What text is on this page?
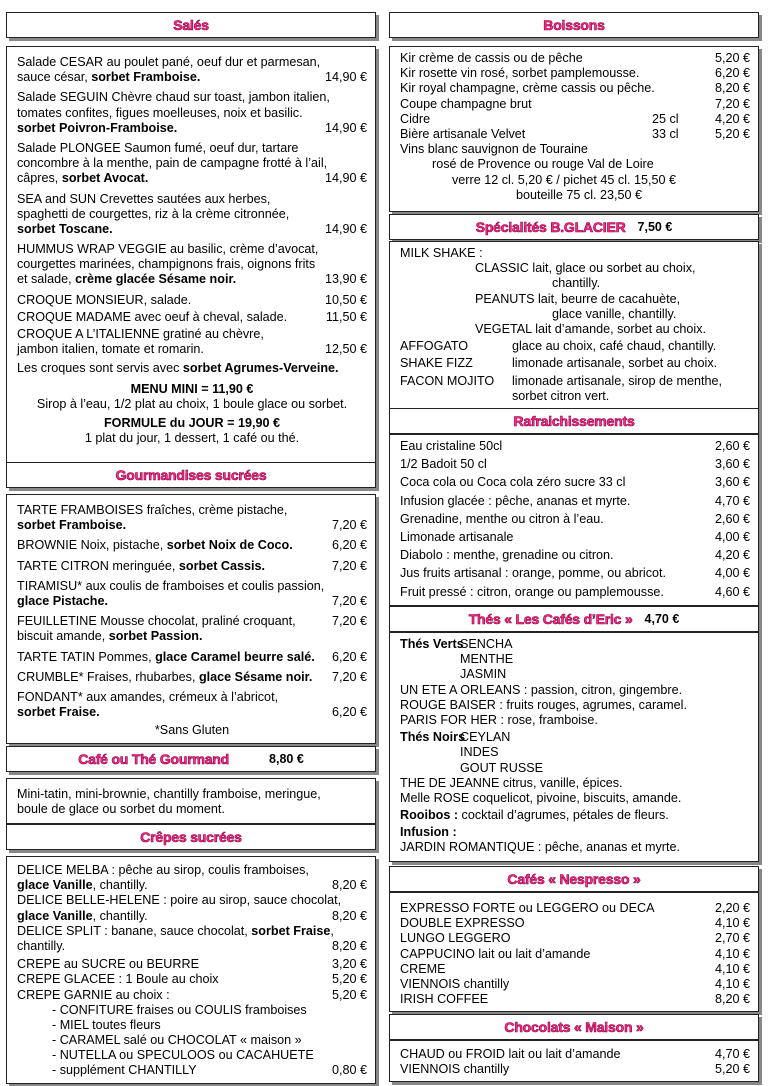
Salés
Salade CESAR au poulet pané, oeuf dur et parmesan,
sauce césar, sorbet Framboise.	14,90 €
Salade SEGUIN Chèvre chaud sur toast, jambon italien,
tomates confites, figues moelleuses, noix et basilic.
sorbet Poivron-Framboise.	14,90 €
Salade PLONGEE Saumon fumé, oeuf dur, tartare
concombre à la menthe, pain de campagne frotté à l’ail,
câpres, sorbet Avocat.	14,90 €
SEA and SUN Crevettes sautées aux herbes,
spaghetti de courgettes, riz à la crème citronnée,
sorbet Toscane.	14,90 €
HUMMUS WRAP VEGGIE au basilic, crème d’avocat,
courgettes marinées, champignons frais, oignons frits
et salade, crème glacée Sésame noir.	13,90 €
CROQUE MONSIEUR, salade.	10,50 €
CROQUE MADAME avec oeuf à cheval, salade.	11,50 €
CROQUE A L’ITALIENNE gratiné au chèvre,
jambon italien, tomate et romarin.	12,50 €
Les croques sont servis avec sorbet Agrumes-Verveine.
MENU MINI = 11,90 €
Sirop à l’eau, 1/2 plat au choix, 1 boule glace ou sorbet.
FORMULE du JOUR = 19,90 €
1 plat du jour, 1 dessert, 1 café ou thé.
Gourmandises sucrées
TARTE FRAMBOISES fraîches, crème pistache,
sorbet Framboise.	7,20 €
BROWNIE Noix, pistache, sorbet Noix de Coco.	6,20 €
TARTE CITRON meringuée, sorbet Cassis.	7,20 €
TIRAMISU* aux coulis de framboises et coulis passion,
glace Pistache.	7,20 €
FEUILLETINE Mousse chocolat, praliné croquant,	7,20 €
biscuit amande, sorbet Passion.
TARTE TATIN Pommes, glace Caramel beurre salé. 6,20 €
CRUMBLE* Fraises, rhubarbes, glace Sésame noir. 7,20 €
FONDANT* aux amandes, crémeux à l’abricot,
sorbet Fraise.	6,20 €
*Sans Gluten
Café ou Thé Gourmand	8,80 €
Mini-tatin, mini-brownie, chantilly framboise, meringue,
boule de glace ou sorbet du moment.
Crêpes sucrées
DELICE MELBA : pêche au sirop, coulis framboises,
glace Vanille, chantilly.	8,20 €
DELICE BELLE-HELENE : poire au sirop, sauce chocolat,
glace Vanille, chantilly.	8,20 €
DELICE SPLIT : banane, sauce chocolat, sorbet Fraise,
chantilly.	8,20 €
CREPE au SUCRE ou BEURRE	3,20 €
CREPE GLACEE : 1 Boule au choix	5,20 €
CREPE GARNIE au choix :	5,20 €
- CONFITURE fraises ou COULIS framboises
- MIEL toutes fleurs
- CARAMEL salé ou CHOCOLAT « maison »
- NUTELLA ou SPECULOOS ou CACAHUETE
- supplément CHANTILLY	0,80 €
Boissons
Kir crème de cassis ou de pêche	5,20 €
Kir rosette vin rosé, sorbet pamplemousse.	6,20 €
Kir royal champagne, crème cassis ou pêche.	8,20 €
Coupe champagne brut	7,20 €
Cidre	25 cl	4,20 €
Bière artisanale Velvet	33 cl	5,20 €
Vins blanc sauvignon de Touraine
rosé de Provence ou rouge Val de Loire
verre 12 cl. 5,20 € / pichet 45 cl. 15,50 €
bouteille 75 cl. 23,50 €
Spécialités B.GLACIER 7,50 €
MILK SHAKE :
CLASSIC lait, glace ou sorbet au choix,
chantilly.
PEANUTS lait, beurre de cacahuète,
glace vanille, chantilly.
VEGETAL lait d’amande, sorbet au choix.
AFFOGATO	glace au choix, café chaud, chantilly.
SHAKE FIZZ	limonade artisanale, sorbet au choix.
FACON MOJITO limonade artisanale, sirop de menthe,
sorbet citron vert.
Rafraichissements
Eau cristaline 50cl	2,60 €
1/2 Badoit 50 cl	3,60 €
Coca cola ou Coca cola zéro sucre 33 cl	3,60 €
Infusion glacée : pêche, ananas et myrte.	4,70 €
Grenadine, menthe ou citron à l’eau.	2,60 €
Limonade artisanale	4,00 €
Diabolo : menthe, grenadine ou citron.	4,20 €
Jus fruits artisanal : orange, pomme, ou abricot.	4,00 €
Fruit pressé : citron, orange ou pamplemousse.	4,60 €
Thés « Les Cafés d’Eric » 4,70 €
Thés Verts
SENCHA
MENTHE
JASMIN
UN ETE A ORLEANS : passion, citron, gingembre.
ROUGE BAISER : fruits rouges, agrumes, caramel.
PARIS FOR HER : rose, framboise.
Thés Noirs
CEYLAN
INDES
GOUT RUSSE
THE DE JEANNE citrus, vanille, épices.
Melle ROSE coquelicot, pivoine, biscuits, amande.
Rooibos : cocktail d’agrumes, pétales de fleurs.
Infusion :
JARDIN ROMANTIQUE : pêche, ananas et myrte.
Cafés « Nespresso »
EXPRESSO FORTE ou LEGGERO ou DECA	2,20 €
DOUBLE EXPRESSO	4,10 €
LUNGO LEGGERO	2,70 €
CAPPUCINO lait ou lait d’amande	4,10 €
CREME	4,10 €
VIENNOIS chantilly	4,10 €
IRISH COFFEE	8,20 €
Chocolats « Maison »
CHAUD ou FROID lait ou lait d’amande	4,70 €
VIENNOIS chantilly	5,20 €
